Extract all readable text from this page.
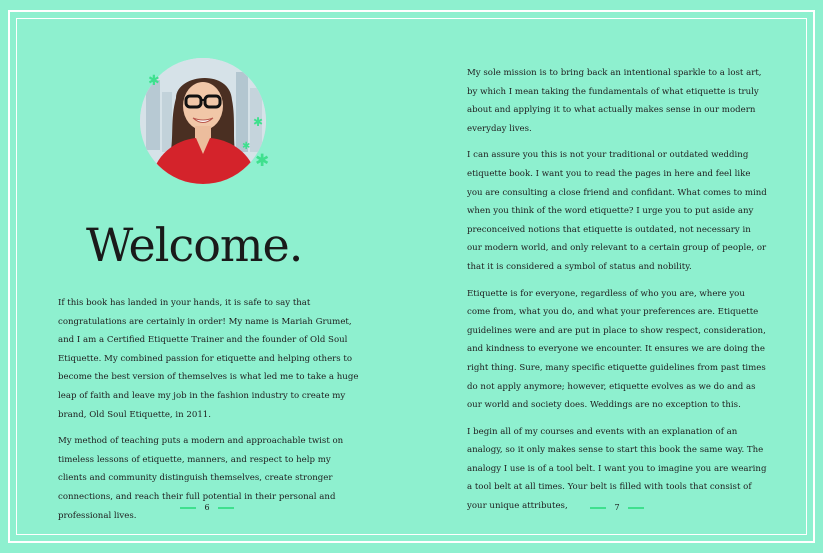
✱
✱
✱
✱
Welcome.

If this book has landed in your hands, it is safe to say that congratulations are certainly in order! My name is Mariah Grumet, and I am a Certified Etiquette Trainer and the founder of Old Soul Etiquette. My combined passion for etiquette and helping others to become the best version of themselves is what led me to take a huge leap of faith and leave my job in the fashion industry to create my brand, Old Soul Etiquette, in 2011.

My method of teaching puts a modern and approachable twist on timeless lessons of etiquette, manners, and respect to help my clients and community distinguish themselves, create stronger connections, and reach their full potential in their personal and professional lives.

My sole mission is to bring back an intentional sparkle to a lost art, by which I mean taking the fundamentals of what etiquette is truly about and applying it to what actually makes sense in our modern everyday lives.

I can assure you this is not your traditional or outdated wedding etiquette book. I want you to read the pages in here and feel like you are consulting a close friend and confidant. What comes to mind when you think of the word etiquette? I urge you to put aside any preconceived notions that etiquette is outdated, not necessary in our modern world, and only relevant to a certain group of people, or that it is considered a symbol of status and nobility.

Etiquette is for everyone, regardless of who you are, where you come from, what you do, and what your preferences are. Etiquette guidelines were and are put in place to show respect, consideration, and kindness to everyone we encounter. It ensures we are doing the right thing. Sure, many specific etiquette guidelines from past times do not apply anymore; however, etiquette evolves as we do and as our world and society does. Weddings are no exception to this.

I begin all of my courses and events with an explanation of an analogy, so it only makes sense to start this book the same way. The analogy I use is of a tool belt. I want you to imagine you are wearing a tool belt at all times. Your belt is filled with tools that consist of your unique attributes,

6	7
